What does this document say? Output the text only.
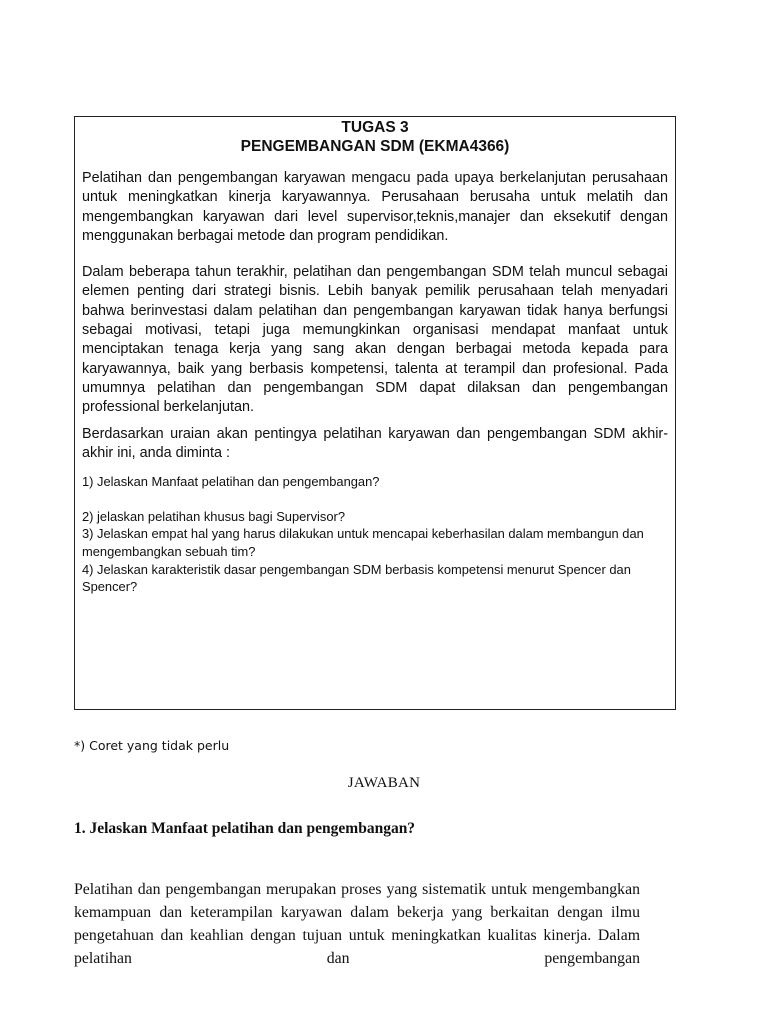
TUGAS 3
PENGEMBANGAN SDM (EKMA4366)

Pelatihan dan pengembangan karyawan mengacu pada upaya berkelanjutan perusahaan untuk meningkatkan kinerja karyawannya. Perusahaan berusaha untuk melatih dan mengembangkan karyawan dari level supervisor,teknis,manajer dan eksekutif dengan menggunakan berbagai metode dan program pendidikan.

Dalam beberapa tahun terakhir, pelatihan dan pengembangan SDM telah muncul sebagai elemen penting dari strategi bisnis. Lebih banyak pemilik perusahaan telah menyadari bahwa berinvestasi dalam pelatihan dan pengembangan karyawan tidak hanya berfungsi sebagai motivasi, tetapi juga memungkinkan organisasi mendapat manfaat untuk menciptakan tenaga kerja yang sang akan dengan berbagai metoda kepada para karyawannya, baik yang berbasis kompetensi, talenta at terampil dan profesional. Pada umumnya pelatihan dan pengembangan SDM dapat dilaksan dan pengembangan professional berkelanjutan.

Berdasarkan uraian akan pentingya pelatihan karyawan dan pengembangan SDM akhir-akhir ini, anda diminta :

1) Jelaskan Manfaat pelatihan dan pengembangan?
2) jelaskan pelatihan khusus bagi Supervisor?
3) Jelaskan empat hal yang harus dilakukan untuk mencapai keberhasilan dalam membangun dan mengembangkan sebuah tim?
4) Jelaskan karakteristik dasar pengembangan SDM berbasis kompetensi menurut Spencer dan Spencer?
*) Coret yang tidak perlu
JAWABAN
1. Jelaskan Manfaat pelatihan dan pengembangan?
Pelatihan dan pengembangan merupakan proses yang sistematik untuk mengembangkan kemampuan dan keterampilan karyawan dalam bekerja yang berkaitan dengan ilmu pengetahuan dan keahlian dengan tujuan untuk meningkatkan kualitas kinerja. Dalam pelatihan dan pengembangan
